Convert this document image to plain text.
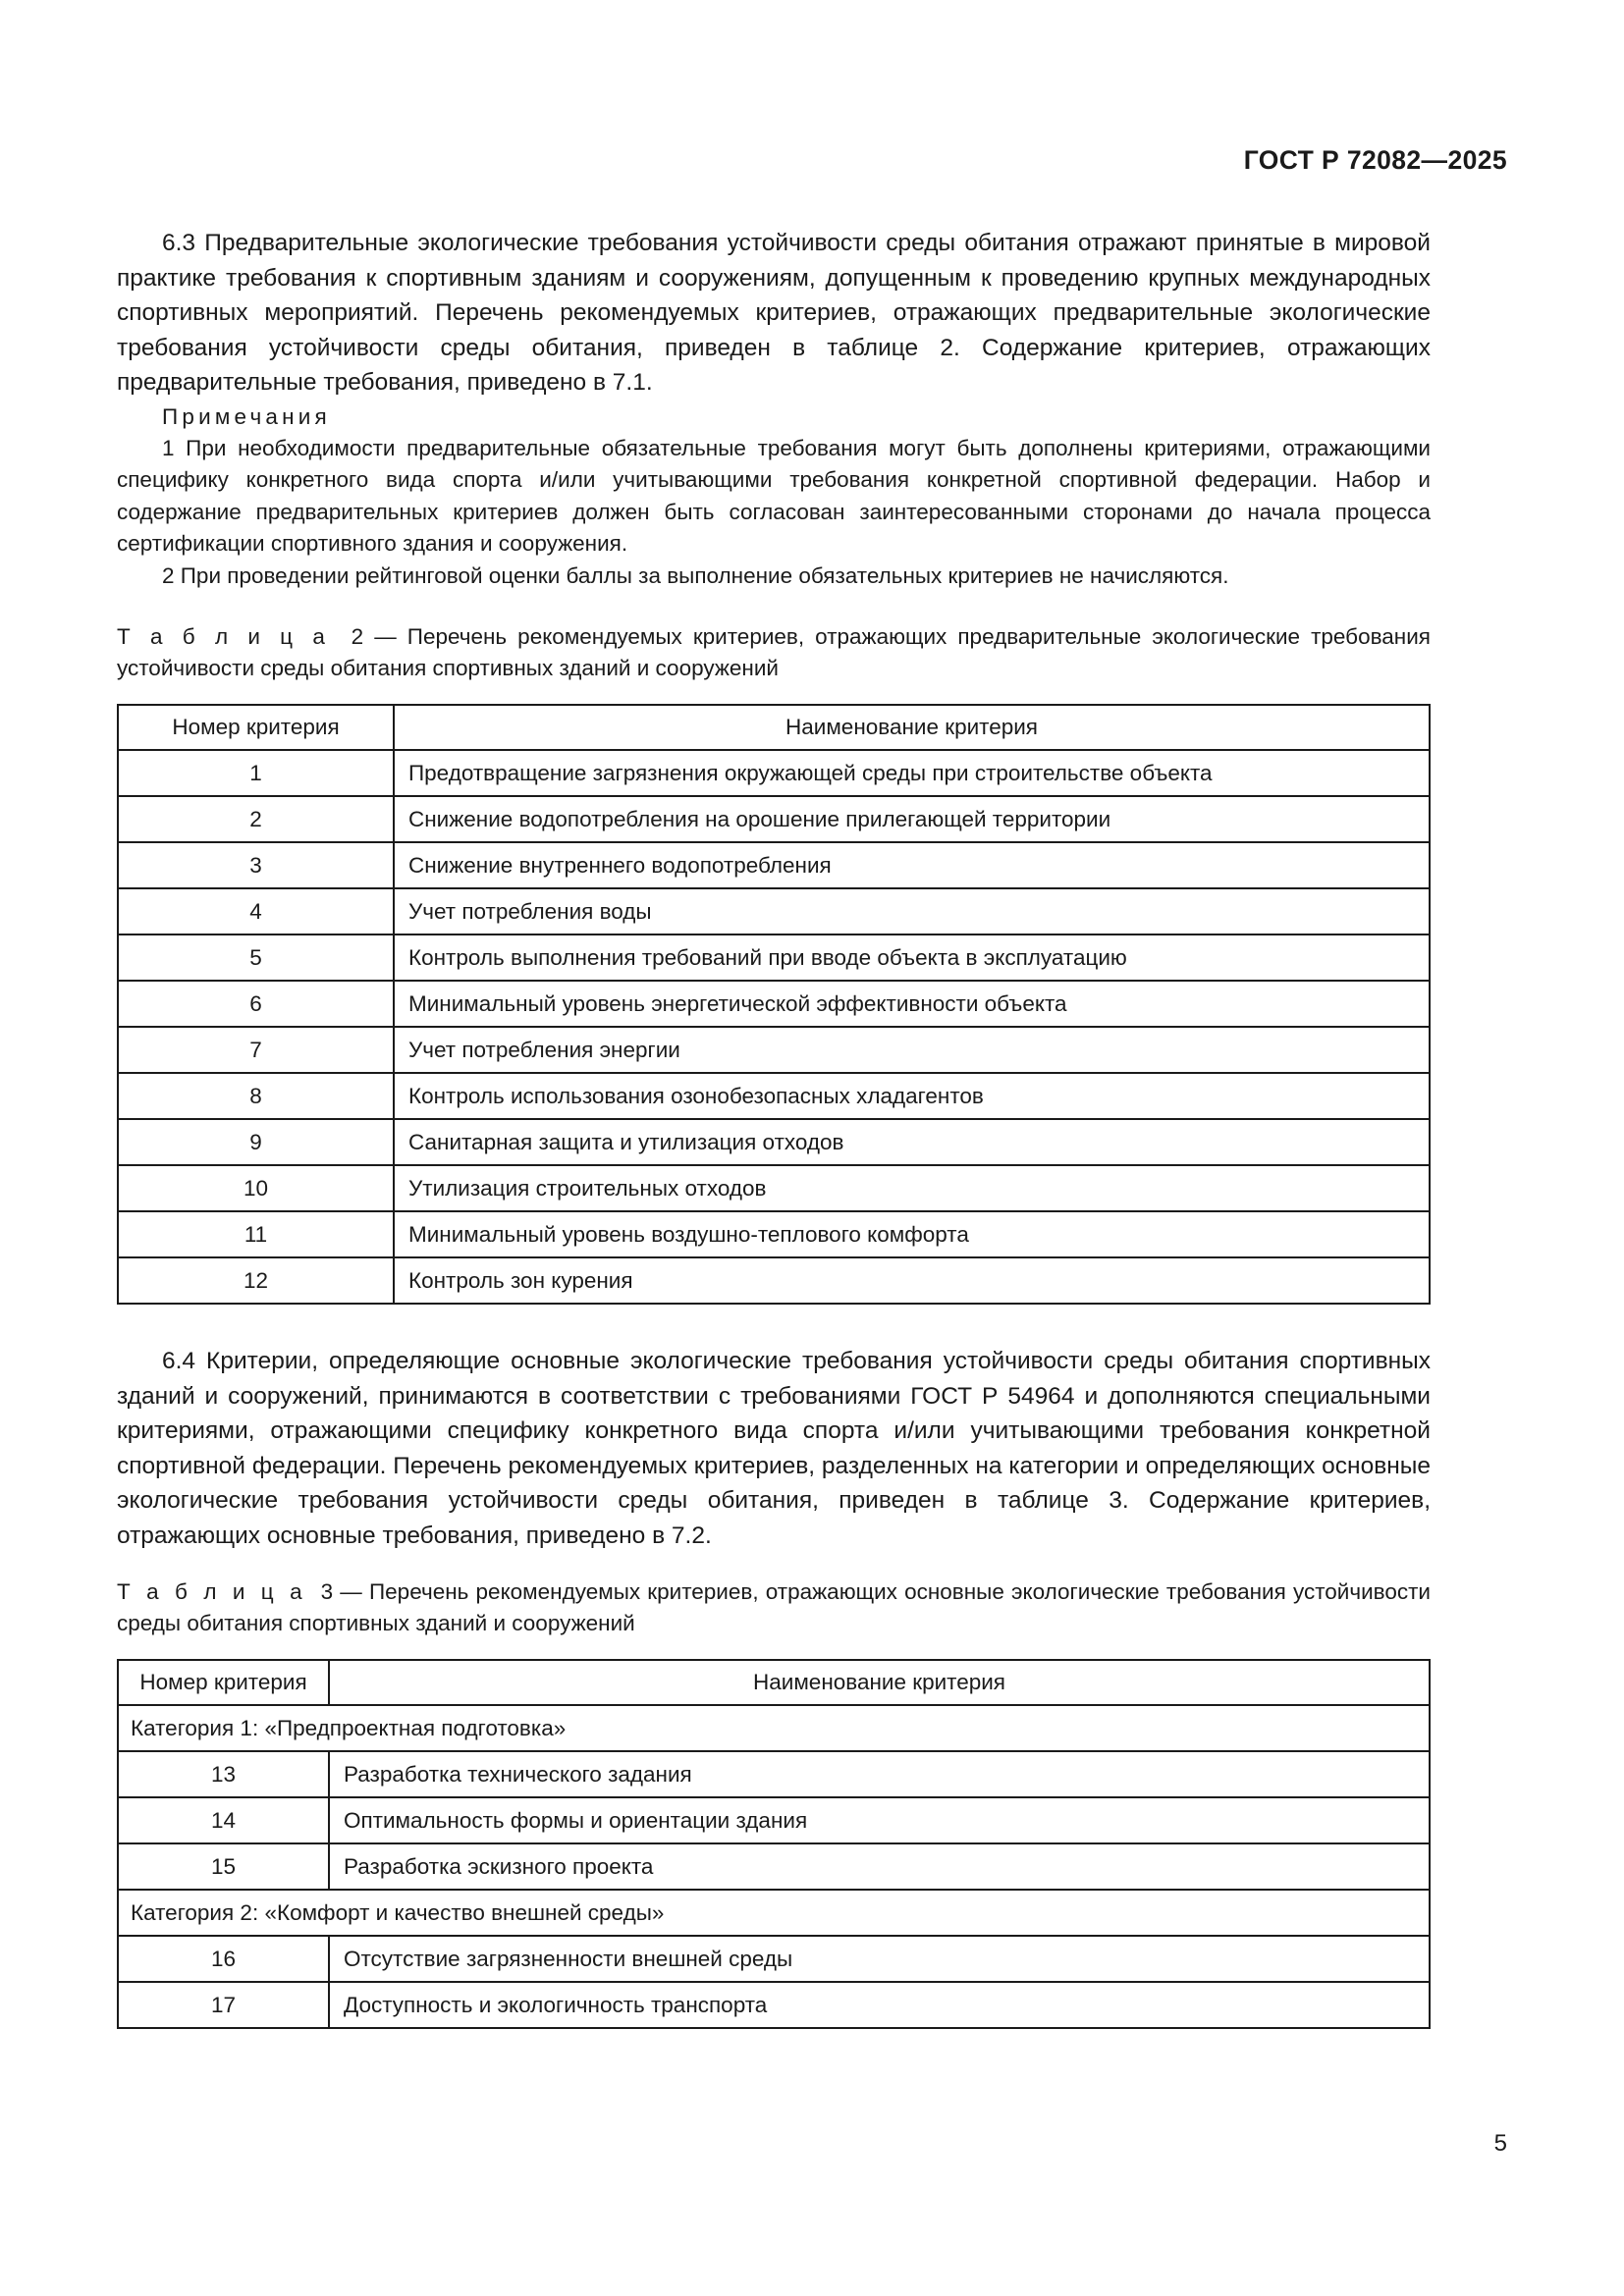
ГОСТ Р 72082—2025

6.3 Предварительные экологические требования устойчивости среды обитания отражают принятые в мировой практике требования к спортивным зданиям и сооружениям, допущенным к проведению крупных международных спортивных мероприятий. Перечень рекомендуемых критериев, отражающих предварительные экологические требования устойчивости среды обитания, приведен в таблице 2. Содержание критериев, отражающих предварительные требования, приведено в 7.1.

Примечания

1 При необходимости предварительные обязательные требования могут быть дополнены критериями, отражающими специфику конкретного вида спорта и/или учитывающими требования конкретной спортивной федерации. Набор и содержание предварительных критериев должен быть согласован заинтересованными сторонами до начала процесса сертификации спортивного здания и сооружения.

2 При проведении рейтинговой оценки баллы за выполнение обязательных критериев не начисляются.

Т а б л и ц а 2 — Перечень рекомендуемых критериев, отражающих предварительные экологические требования устойчивости среды обитания спортивных зданий и сооружений

Номер критерия	Наименование критерия
1	Предотвращение загрязнения окружающей среды при строительстве объекта
2	Снижение водопотребления на орошение прилегающей территории
3	Снижение внутреннего водопотребления
4	Учет потребления воды
5	Контроль выполнения требований при вводе объекта в эксплуатацию
6	Минимальный уровень энергетической эффективности объекта
7	Учет потребления энергии
8	Контроль использования озонобезопасных хладагентов
9	Санитарная защита и утилизация отходов
10	Утилизация строительных отходов
11	Минимальный уровень воздушно-теплового комфорта
12	Контроль зон курения

6.4 Критерии, определяющие основные экологические требования устойчивости среды обитания спортивных зданий и сооружений, принимаются в соответствии с требованиями ГОСТ Р 54964 и дополняются специальными критериями, отражающими специфику конкретного вида спорта и/или учитывающими требования конкретной спортивной федерации. Перечень рекомендуемых критериев, разделенных на категории и определяющих основные экологические требования устойчивости среды обитания, приведен в таблице 3. Содержание критериев, отражающих основные требования, приведено в 7.2.

Т а б л и ц а 3 — Перечень рекомендуемых критериев, отражающих основные экологические требования устойчивости среды обитания спортивных зданий и сооружений

Номер критерия	Наименование критерия
Категория 1: «Предпроектная подготовка»	
13	Разработка технического задания
14	Оптимальность формы и ориентации здания
15	Разработка эскизного проекта
Категория 2: «Комфорт и качество внешней среды»	
16	Отсутствие загрязненности внешней среды
17	Доступность и экологичность транспорта
5
